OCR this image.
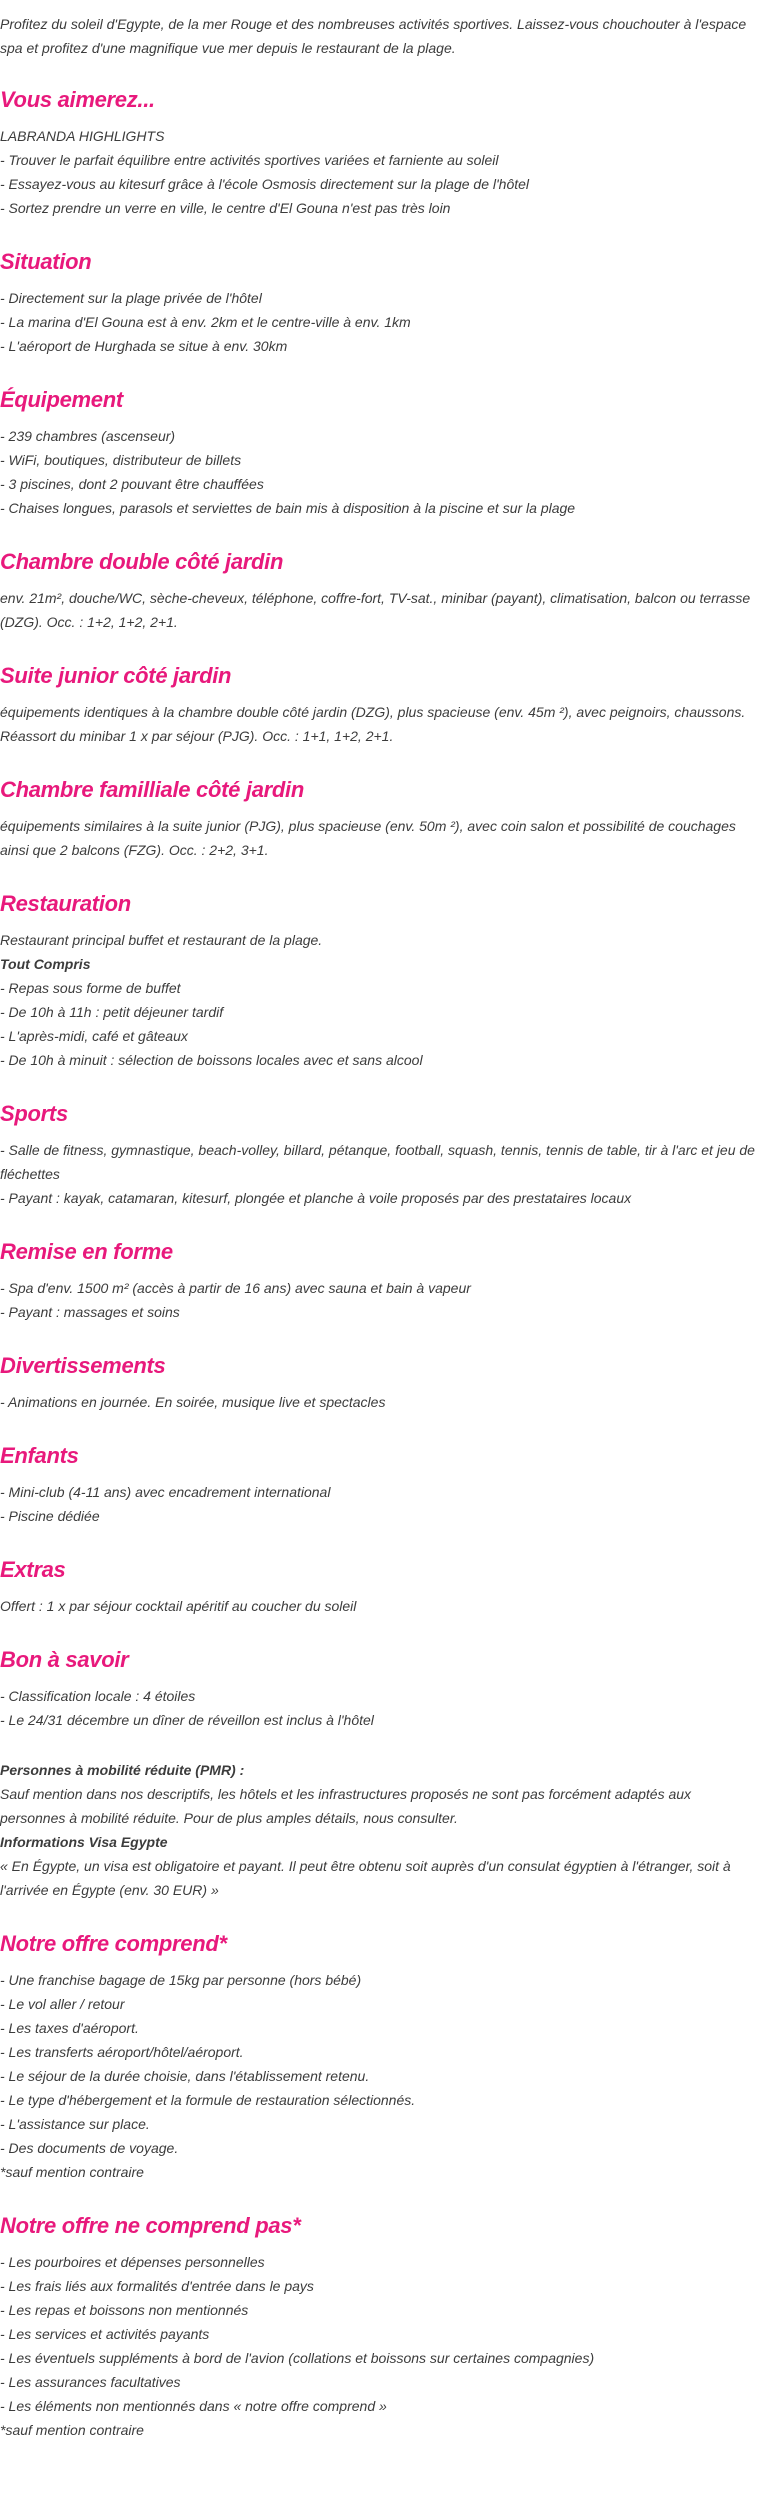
Profitez du soleil d'Egypte, de la mer Rouge et des nombreuses activités sportives. Laissez-vous chouchouter à l'espace spa et profitez d'une magnifique vue mer depuis le restaurant de la plage.

Vous aimerez...
LABRANDA HIGHLIGHTS
- Trouver le parfait équilibre entre activités sportives variées et farniente au soleil
- Essayez-vous au kitesurf grâce à l'école Osmosis directement sur la plage de l'hôtel
- Sortez prendre un verre en ville, le centre d'El Gouna n'est pas très loin
Situation
- Directement sur la plage privée de l'hôtel
- La marina d'El Gouna est à env. 2km et le centre-ville à env. 1km
- L'aéroport de Hurghada se situe à env. 30km
Équipement
- 239 chambres (ascenseur)
- WiFi, boutiques, distributeur de billets
- 3 piscines, dont 2 pouvant être chauffées
- Chaises longues, parasols et serviettes de bain mis à disposition à la piscine et sur la plage
Chambre double côté jardin

env. 21m², douche/WC, sèche-cheveux, téléphone, coffre-fort, TV-sat., minibar (payant), climatisation, balcon ou terrasse (DZG). Occ. : 1+2, 1+2, 2+1.

Suite junior côté jardin

équipements identiques à la chambre double côté jardin (DZG), plus spacieuse (env. 45m ²), avec peignoirs, chaussons. Réassort du minibar 1 x par séjour (PJG). Occ. : 1+1, 1+2, 2+1.

Chambre familliale côté jardin

équipements similaires à la suite junior (PJG), plus spacieuse (env. 50m ²), avec coin salon et possibilité de couchages ainsi que 2 balcons (FZG). Occ. : 2+2, 3+1.

Restauration
Restaurant principal buffet et restaurant de la plage.
Tout Compris
- Repas sous forme de buffet
- De 10h à 11h : petit déjeuner tardif
- L'après-midi, café et gâteaux
- De 10h à minuit : sélection de boissons locales avec et sans alcool
Sports
- Salle de fitness, gymnastique, beach-volley, billard, pétanque, football, squash, tennis, tennis de table, tir à l'arc et jeu de fléchettes
- Payant : kayak, catamaran, kitesurf, plongée et planche à voile proposés par des prestataires locaux
Remise en forme
- Spa d'env. 1500 m² (accès à partir de 16 ans) avec sauna et bain à vapeur
- Payant : massages et soins
Divertissements
- Animations en journée. En soirée, musique live et spectacles
Enfants
- Mini-club (4-11 ans) avec encadrement international
- Piscine dédiée
Extras
Offert : 1 x par séjour cocktail apéritif au coucher du soleil
Bon à savoir
- Classification locale : 4 étoiles
- Le 24/31 décembre un dîner de réveillon est inclus à l'hôtel
Personnes à mobilité réduite (PMR) :

Sauf mention dans nos descriptifs, les hôtels et les infrastructures proposés ne sont pas forcément adaptés aux personnes à mobilité réduite. Pour de plus amples détails, nous consulter.

Informations Visa Egypte

« En Égypte, un visa est obligatoire et payant. Il peut être obtenu soit auprès d'un consulat égyptien à l'étranger, soit à l'arrivée en Égypte (env. 30 EUR) »

Notre offre comprend*
- Une franchise bagage de 15kg par personne (hors bébé)
- Le vol aller / retour
- Les taxes d'aéroport.
- Les transferts aéroport/hôtel/aéroport.
- Le séjour de la durée choisie, dans l'établissement retenu.
- Le type d'hébergement et la formule de restauration sélectionnés.
- L'assistance sur place.
- Des documents de voyage.
*sauf mention contraire
Notre offre ne comprend pas*
- Les pourboires et dépenses personnelles
- Les frais liés aux formalités d'entrée dans le pays
- Les repas et boissons non mentionnés
- Les services et activités payants
- Les éventuels suppléments à bord de l'avion (collations et boissons sur certaines compagnies)
- Les assurances facultatives
- Les éléments non mentionnés dans « notre offre comprend »
*sauf mention contraire
